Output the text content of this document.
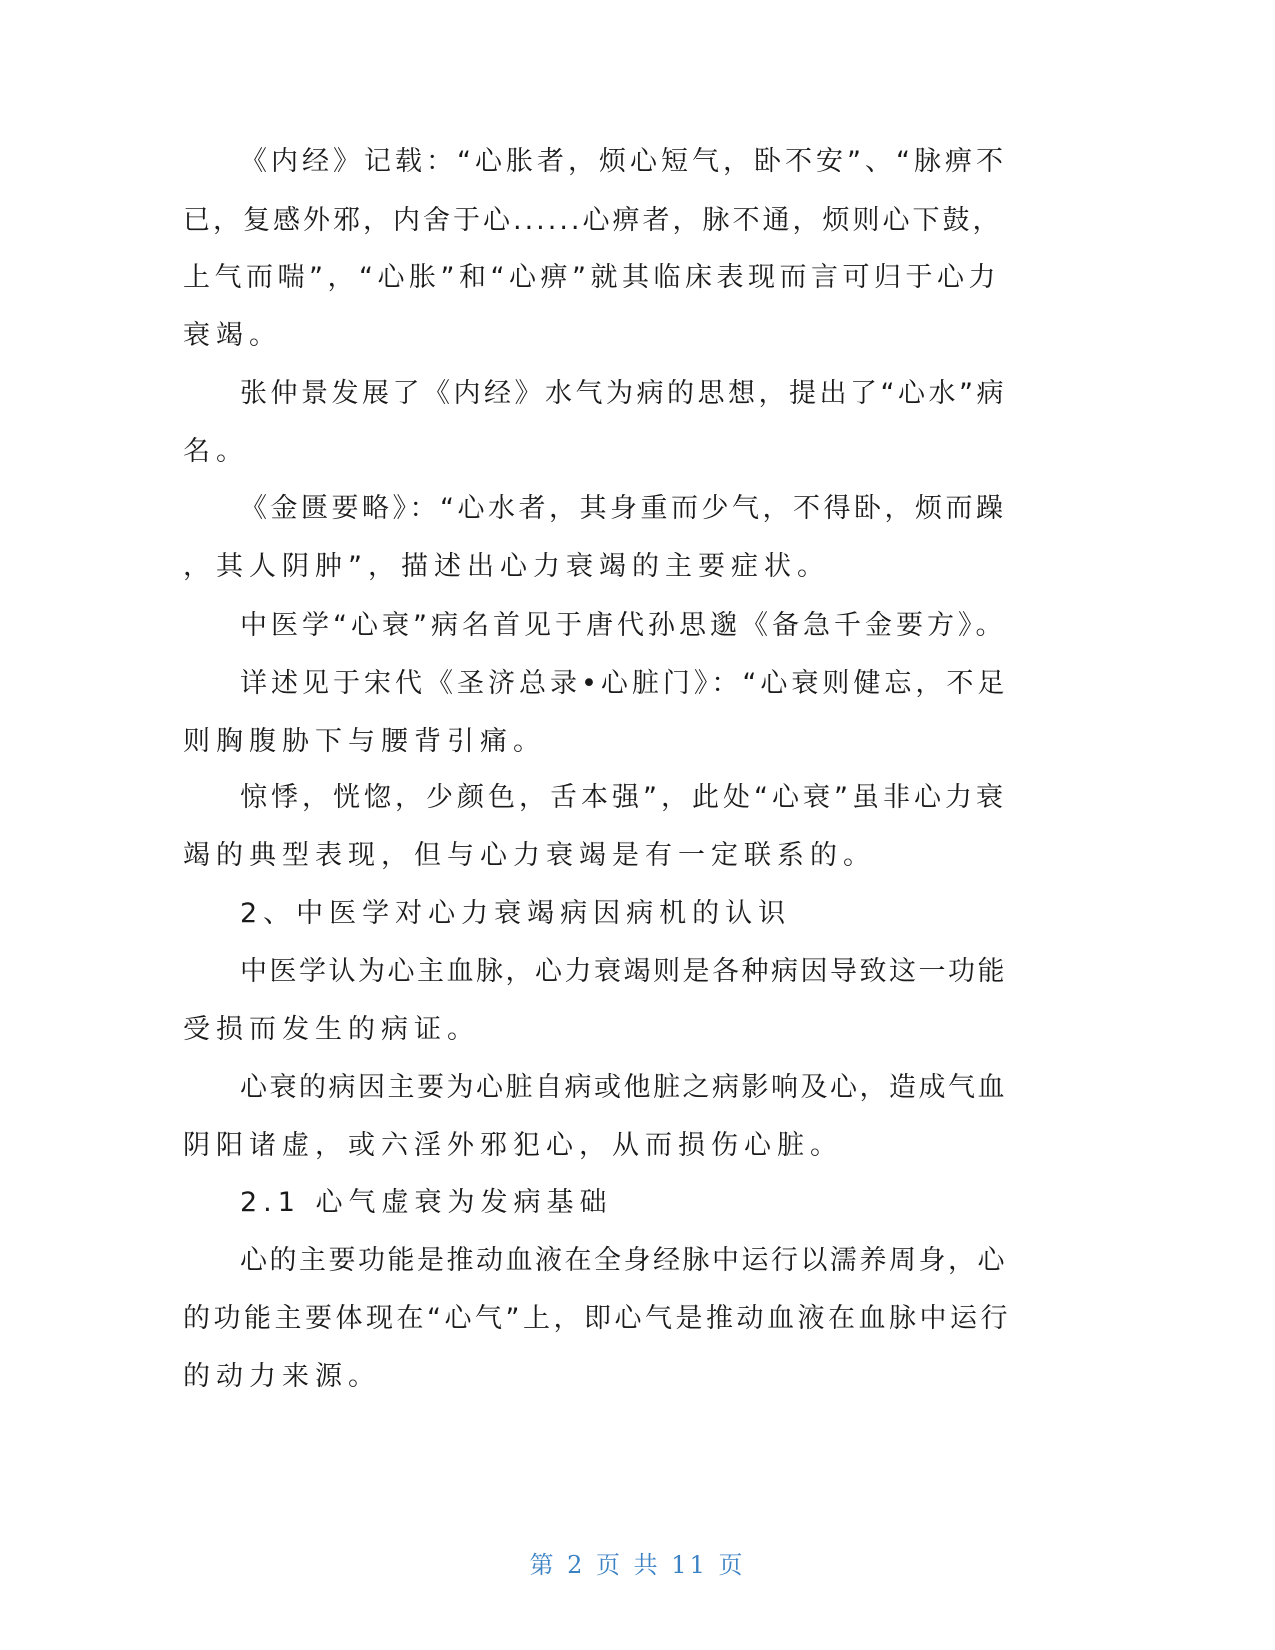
《内经》记载：“心胀者，烦心短气，卧不安”、“脉痹不
已，复感外邪，内舍于心......心痹者，脉不通，烦则心下鼓，
上气而喘”，“心胀”和“心痹”就其临床表现而言可归于心力
衰竭。
张仲景发展了《内经》水气为病的思想，提出了“心水”病
名。
《金匮要略》：“心水者，其身重而少气，不得卧，烦而躁
，其人阴肿”，描述出心力衰竭的主要症状。
中医学“心衰”病名首见于唐代孙思邈《备急千金要方》。
详述见于宋代《圣济总录•心脏门》：“心衰则健忘，不足
则胸腹胁下与腰背引痛。
惊悸，恍惚，少颜色，舌本强”，此处“心衰”虽非心力衰
竭的典型表现，但与心力衰竭是有一定联系的。
2、中医学对心力衰竭病因病机的认识
中医学认为心主血脉，心力衰竭则是各种病因导致这一功能
受损而发生的病证。
心衰的病因主要为心脏自病或他脏之病影响及心，造成气血
阴阳诸虚，或六淫外邪犯心，从而损伤心脏。
2.1 心气虚衰为发病基础
心的主要功能是推动血液在全身经脉中运行以濡养周身，心
的功能主要体现在“心气”上，即心气是推动血液在血脉中运行
的动力来源。
第 2 页 共 11 页
